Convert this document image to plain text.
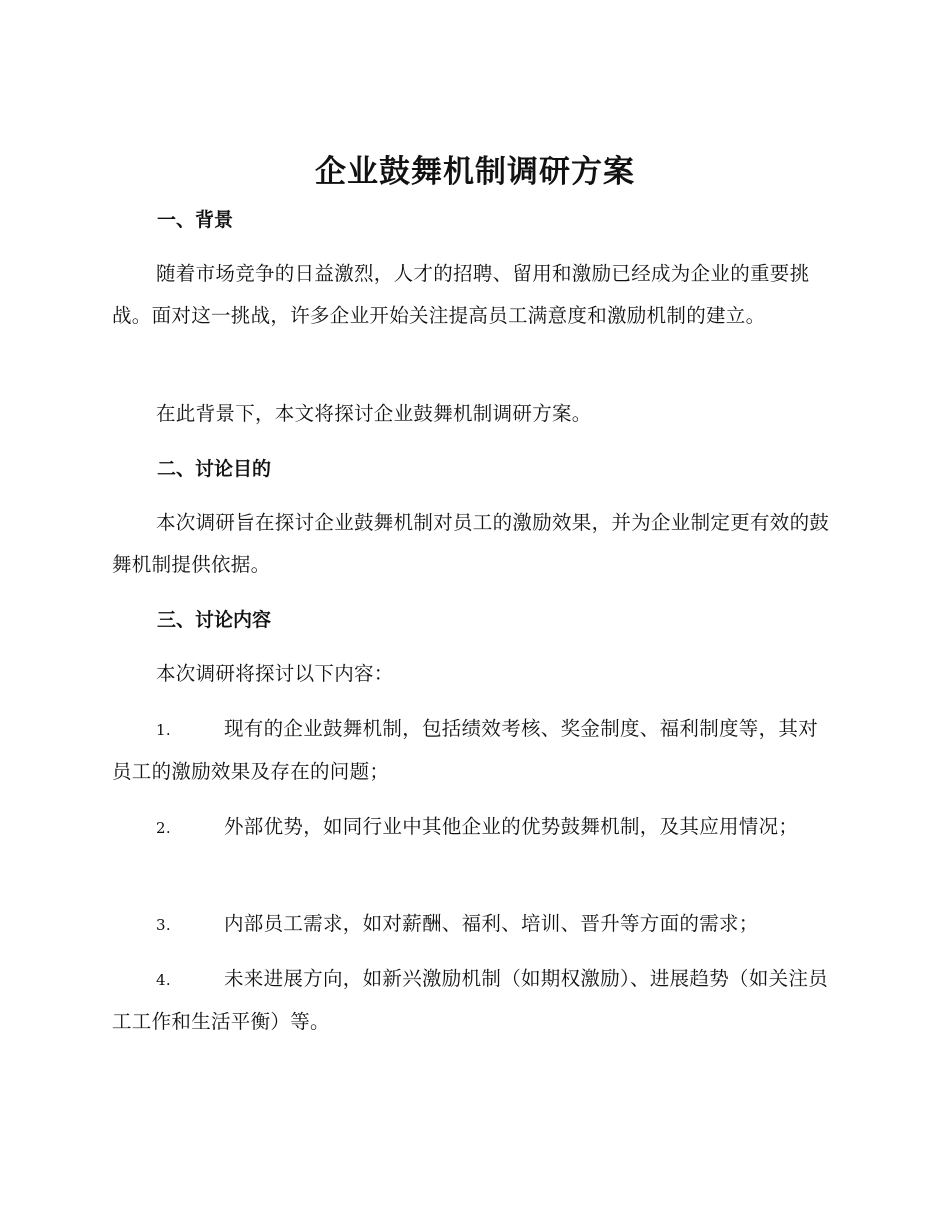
企业鼓舞机制调研方案
一、背景

随着市场竞争的日益激烈，人才的招聘、留用和激励已经成为企业的重要挑战。面对这一挑战，许多企业开始关注提高员工满意度和激励机制的建立。

在此背景下，本文将探讨企业鼓舞机制调研方案。

二、讨论目的

本次调研旨在探讨企业鼓舞机制对员工的激励效果，并为企业制定更有效的鼓舞机制提供依据。

三、讨论内容

本次调研将探讨以下内容：

1.	现有的企业鼓舞机制，包括绩效考核、奖金制度、福利制度等，其对员工的激励效果及存在的问题；

2.	外部优势，如同行业中其他企业的优势鼓舞机制，及其应用情况；

3.	内部员工需求，如对薪酬、福利、培训、晋升等方面的需求；

4.	未来进展方向，如新兴激励机制（如期权激励）、进展趋势（如关注员工工作和生活平衡）等。
